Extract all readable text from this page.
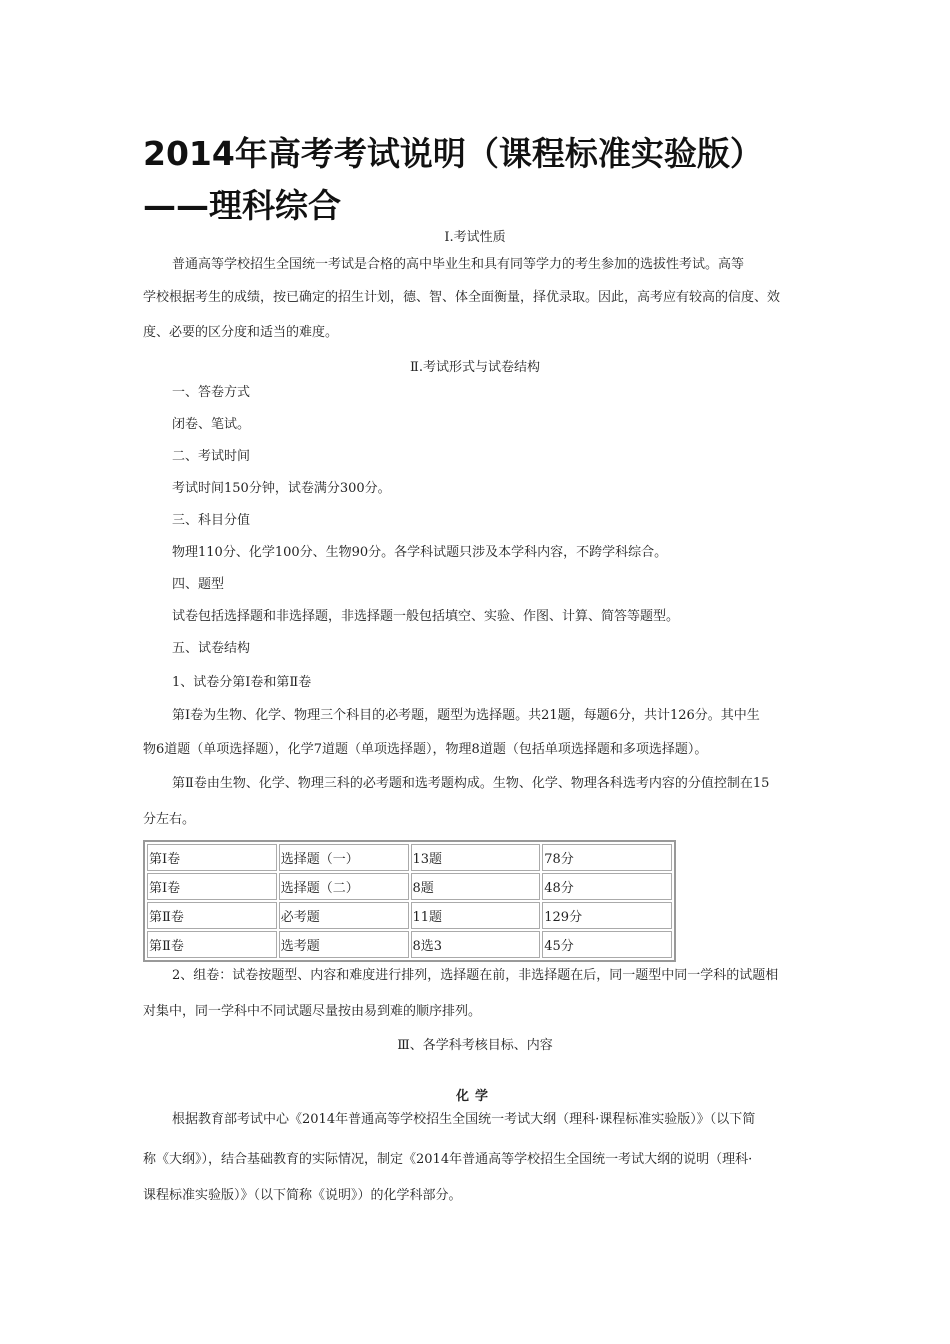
2014年高考考试说明（课程标准实验版）——理科综合
Ⅰ.考试性质
普通高等学校招生全国统一考试是合格的高中毕业生和具有同等学力的考生参加的选拔性考试。高等
学校根据考生的成绩，按已确定的招生计划，德、智、体全面衡量，择优录取。因此，高考应有较高的信度、效
度、必要的区分度和适当的难度。
Ⅱ.考试形式与试卷结构
一、答卷方式
闭卷、笔试。
二、考试时间
考试时间150分钟，试卷满分300分。
三、科目分值
物理110分、化学100分、生物90分。各学科试题只涉及本学科内容，不跨学科综合。
四、题型
试卷包括选择题和非选择题，非选择题一般包括填空、实验、作图、计算、简答等题型。
五、试卷结构
1、试卷分第Ⅰ卷和第Ⅱ卷
第Ⅰ卷为生物、化学、物理三个科目的必考题，题型为选择题。共21题，每题6分，共计126分。其中生
物6道题（单项选择题），化学7道题（单项选择题），物理8道题（包括单项选择题和多项选择题）。
第Ⅱ卷由生物、化学、物理三科的必考题和选考题构成。生物、化学、物理各科选考内容的分值控制在15
分左右。
第Ⅰ卷	选择题（一）	13题	78分
第Ⅰ卷	选择题（二）	8题	48分
第Ⅱ卷	必考题	11题	129分
第Ⅱ卷	选考题	8选3	45分
2、组卷：试卷按题型、内容和难度进行排列，选择题在前，非选择题在后，同一题型中同一学科的试题相
对集中，同一学科中不同试题尽量按由易到难的顺序排列。
Ⅲ、各学科考核目标、内容
化学
根据教育部考试中心《2014年普通高等学校招生全国统一考试大纲（理科·课程标准实验版）》（以下简
称《大纲》），结合基础教育的实际情况，制定《2014年普通高等学校招生全国统一考试大纲的说明（理科·
课程标准实验版）》（以下简称《说明》）的化学科部分。
